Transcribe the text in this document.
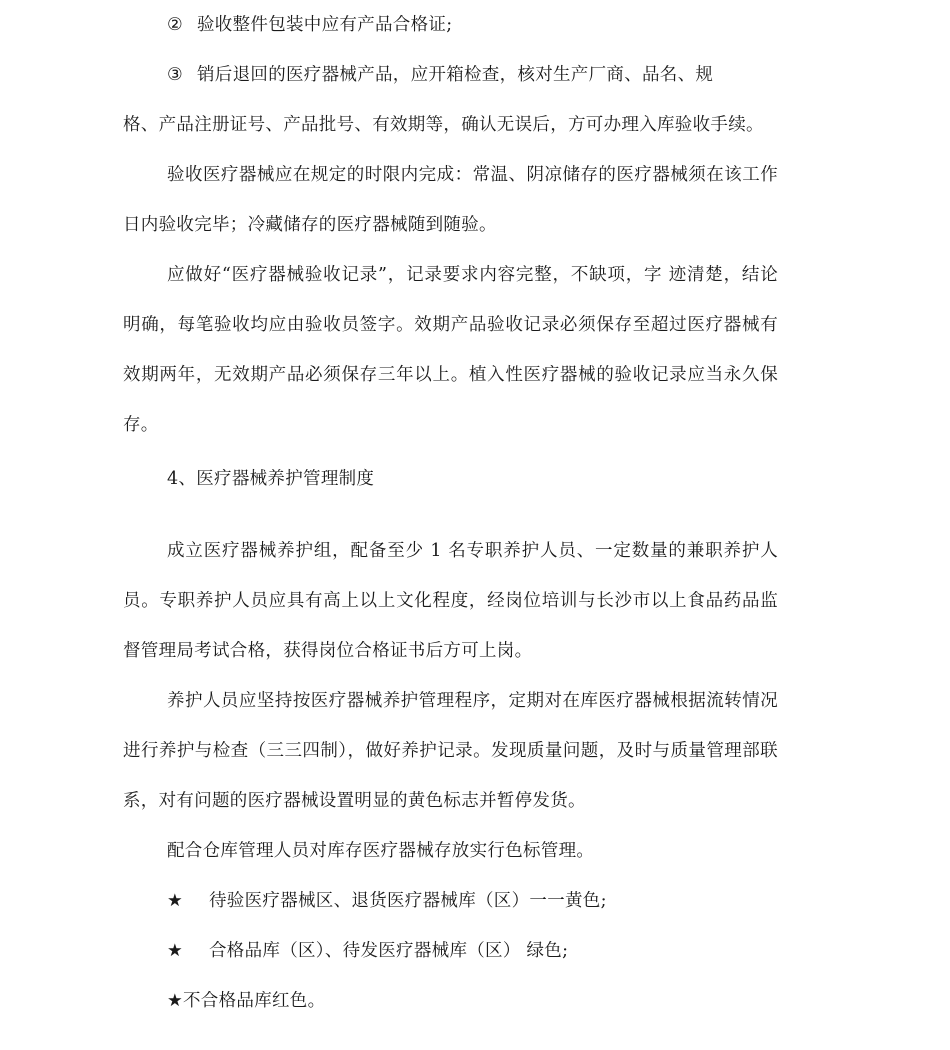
② 验收整件包装中应有产品合格证;

③ 销后退回的医疗器械产品，应开箱检查，核对生产厂商、品名、规

格、产品注册证号、产品批号、有效期等，确认无误后，方可办理入库验收手续。

验收医疗器械应在规定的时限内完成：常温、阴凉储存的医疗器械须在该工作日内验收完毕；冷藏储存的医疗器械随到随验。

应做好“医疗器械验收记录”，记录要求内容完整，不缺项，字 迹清楚，结论明确，每笔验收均应由验收员签字。效期产品验收记录必须保存至超过医疗器械有效期两年，无效期产品必须保存三年以上。植入性医疗器械的验收记录应当永久保存。

4、医疗器械养护管理制度

成立医疗器械养护组，配备至少 1 名专职养护人员、一定数量的兼职养护人员。专职养护人员应具有高上以上文化程度，经岗位培训与长沙市以上食品药品监督管理局考试合格，获得岗位合格证书后方可上岗。

养护人员应坚持按医疗器械养护管理程序，定期对在库医疗器械根据流转情况进行养护与检查（三三四制），做好养护记录。发现质量问题，及时与质量管理部联系，对有问题的医疗器械设置明显的黄色标志并暂停发货。

配合仓库管理人员对库存医疗器械存放实行色标管理。

★ 待验医疗器械区、退货医疗器械库（区）一一黄色;

★ 合格品库（区）、待发医疗器械库（区） 绿色;

★不合格品库红色。
